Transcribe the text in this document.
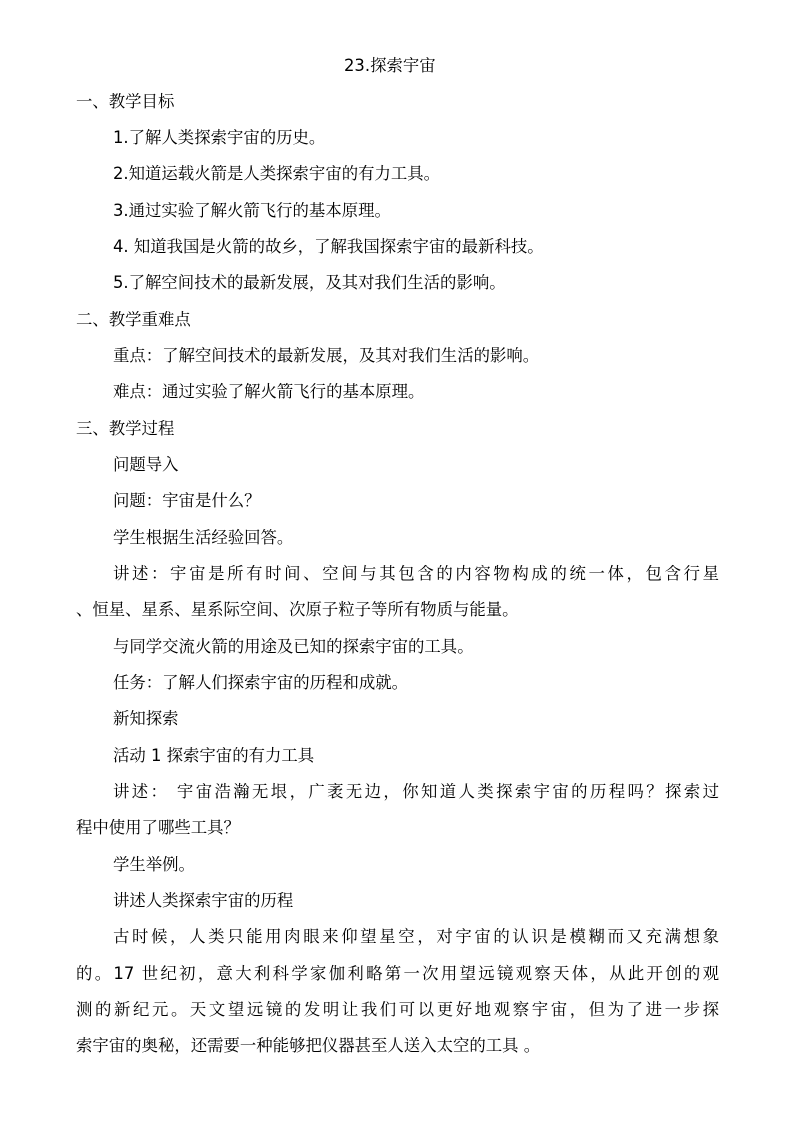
23.探索宇宙
一、教学目标
1.了解人类探索宇宙的历史。
2.知道运载火箭是人类探索宇宙的有力工具。
3.通过实验了解火箭飞行的基本原理。
4. 知道我国是火箭的故乡，了解我国探索宇宙的最新科技。
5.了解空间技术的最新发展，及其对我们生活的影响。
二、教学重难点
重点：了解空间技术的最新发展，及其对我们生活的影响。
难点：通过实验了解火箭飞行的基本原理。
三、教学过程
问题导入
问题：宇宙是什么？
学生根据生活经验回答。
讲述：宇宙是所有时间、空间与其包含的内容物构成的统一体，包含行星
、恒星、星系、星系际空间、次原子粒子等所有物质与能量。
与同学交流火箭的用途及已知的探索宇宙的工具。
任务：了解人们探索宇宙的历程和成就。
新知探索
活动 1 探索宇宙的有力工具
讲述： 宇宙浩瀚无垠，广袤无边，你知道人类探索宇宙的历程吗？探索过
程中使用了哪些工具？
学生举例。
讲述人类探索宇宙的历程
古时候，人类只能用肉眼来仰望星空，对宇宙的认识是模糊而又充满想象
的。17 世纪初，意大利科学家伽利略第一次用望远镜观察天体，从此开创的观
测的新纪元。天文望远镜的发明让我们可以更好地观察宇宙，但为了进一步探
索宇宙的奥秘，还需要一种能够把仪器甚至人送入太空的工具 。
